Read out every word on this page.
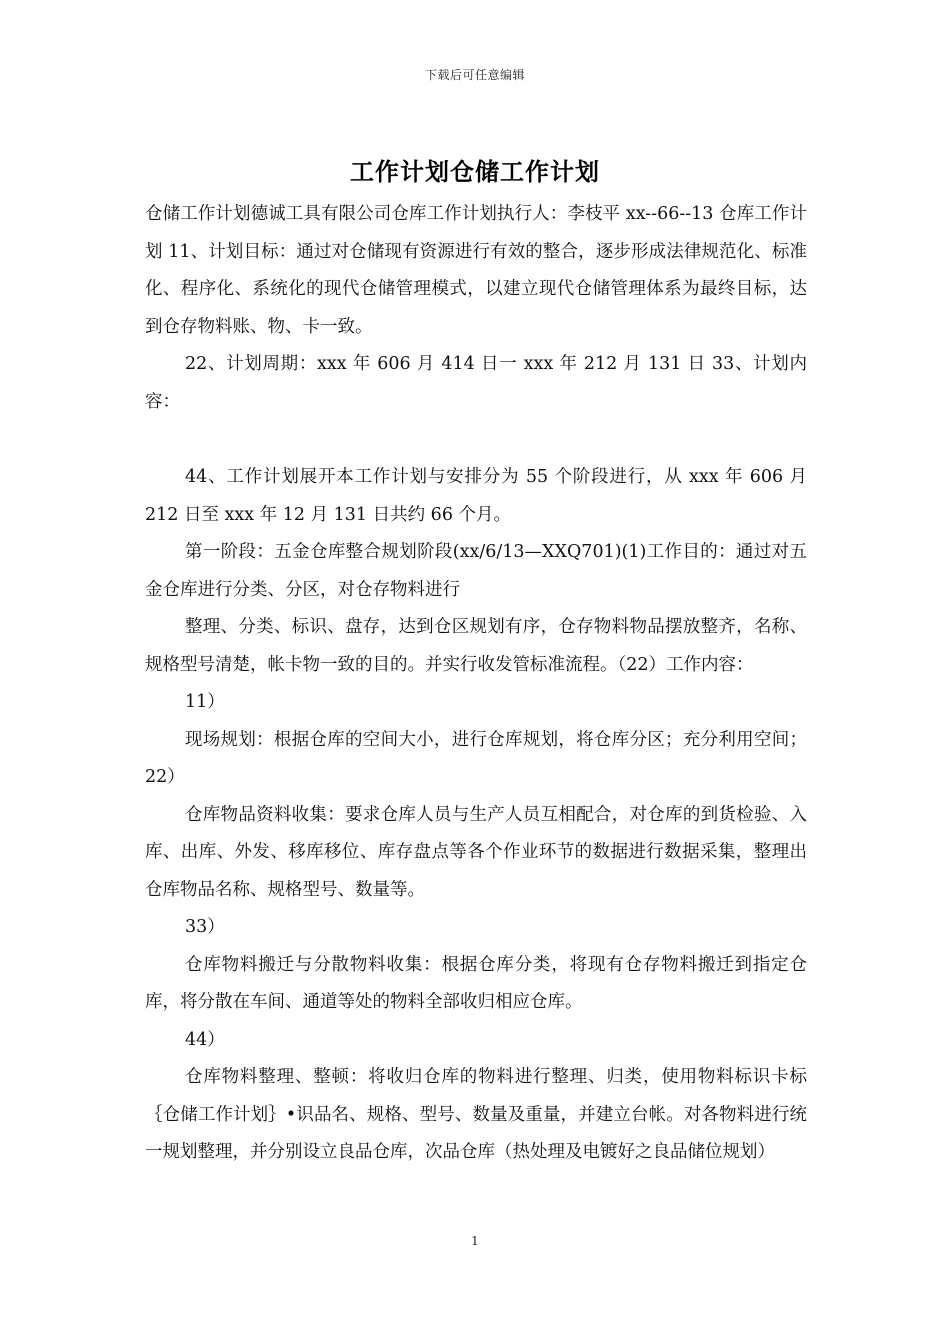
下载后可任意编辑
工作计划仓储工作计划

仓储工作计划德诚工具有限公司仓库工作计划执行人：李枝平 xx--66--13 仓库工作计划 11、计划目标：通过对仓储现有资源进行有效的整合，逐步形成法律规范化、标准化、程序化、系统化的现代仓储管理模式，以建立现代仓储管理体系为最终目标，达到仓存物料账、物、卡一致。

22、计划周期：xxx 年 606 月 414 日一 xxx 年 212 月 131 日 33、计划内容：

44、工作计划展开本工作计划与安排分为 55 个阶段进行，从 xxx 年 606 月 212 日至 xxx 年 12 月 131 日共约 66 个月。

第一阶段：五金仓库整合规划阶段(xx/6/13—XXQ701)(1)工作目的：通过对五金仓库进行分类、分区，对仓存物料进行

整理、分类、标识、盘存，达到仓区规划有序，仓存物料物品摆放整齐，名称、规格型号清楚，帐卡物一致的目的。并实行收发管标准流程。（22）工作内容：

11）

现场规划：根据仓库的空间大小，进行仓库规划，将仓库分区；充分利用空间；22）

仓库物品资料收集：要求仓库人员与生产人员互相配合，对仓库的到货检验、入库、出库、外发、移库移位、库存盘点等各个作业环节的数据进行数据采集，整理出仓库物品名称、规格型号、数量等。

33）

仓库物料搬迁与分散物料收集：根据仓库分类，将现有仓存物料搬迁到指定仓库，将分散在车间、通道等处的物料全部收归相应仓库。

44）

仓库物料整理、整顿：将收归仓库的物料进行整理、归类，使用物料标识卡标｛仓储工作计划｝•识品名、规格、型号、数量及重量，并建立台帐。对各物料进行统一规划整理，并分别设立良品仓库，次品仓库（热处理及电镀好之良品储位规划）

1
